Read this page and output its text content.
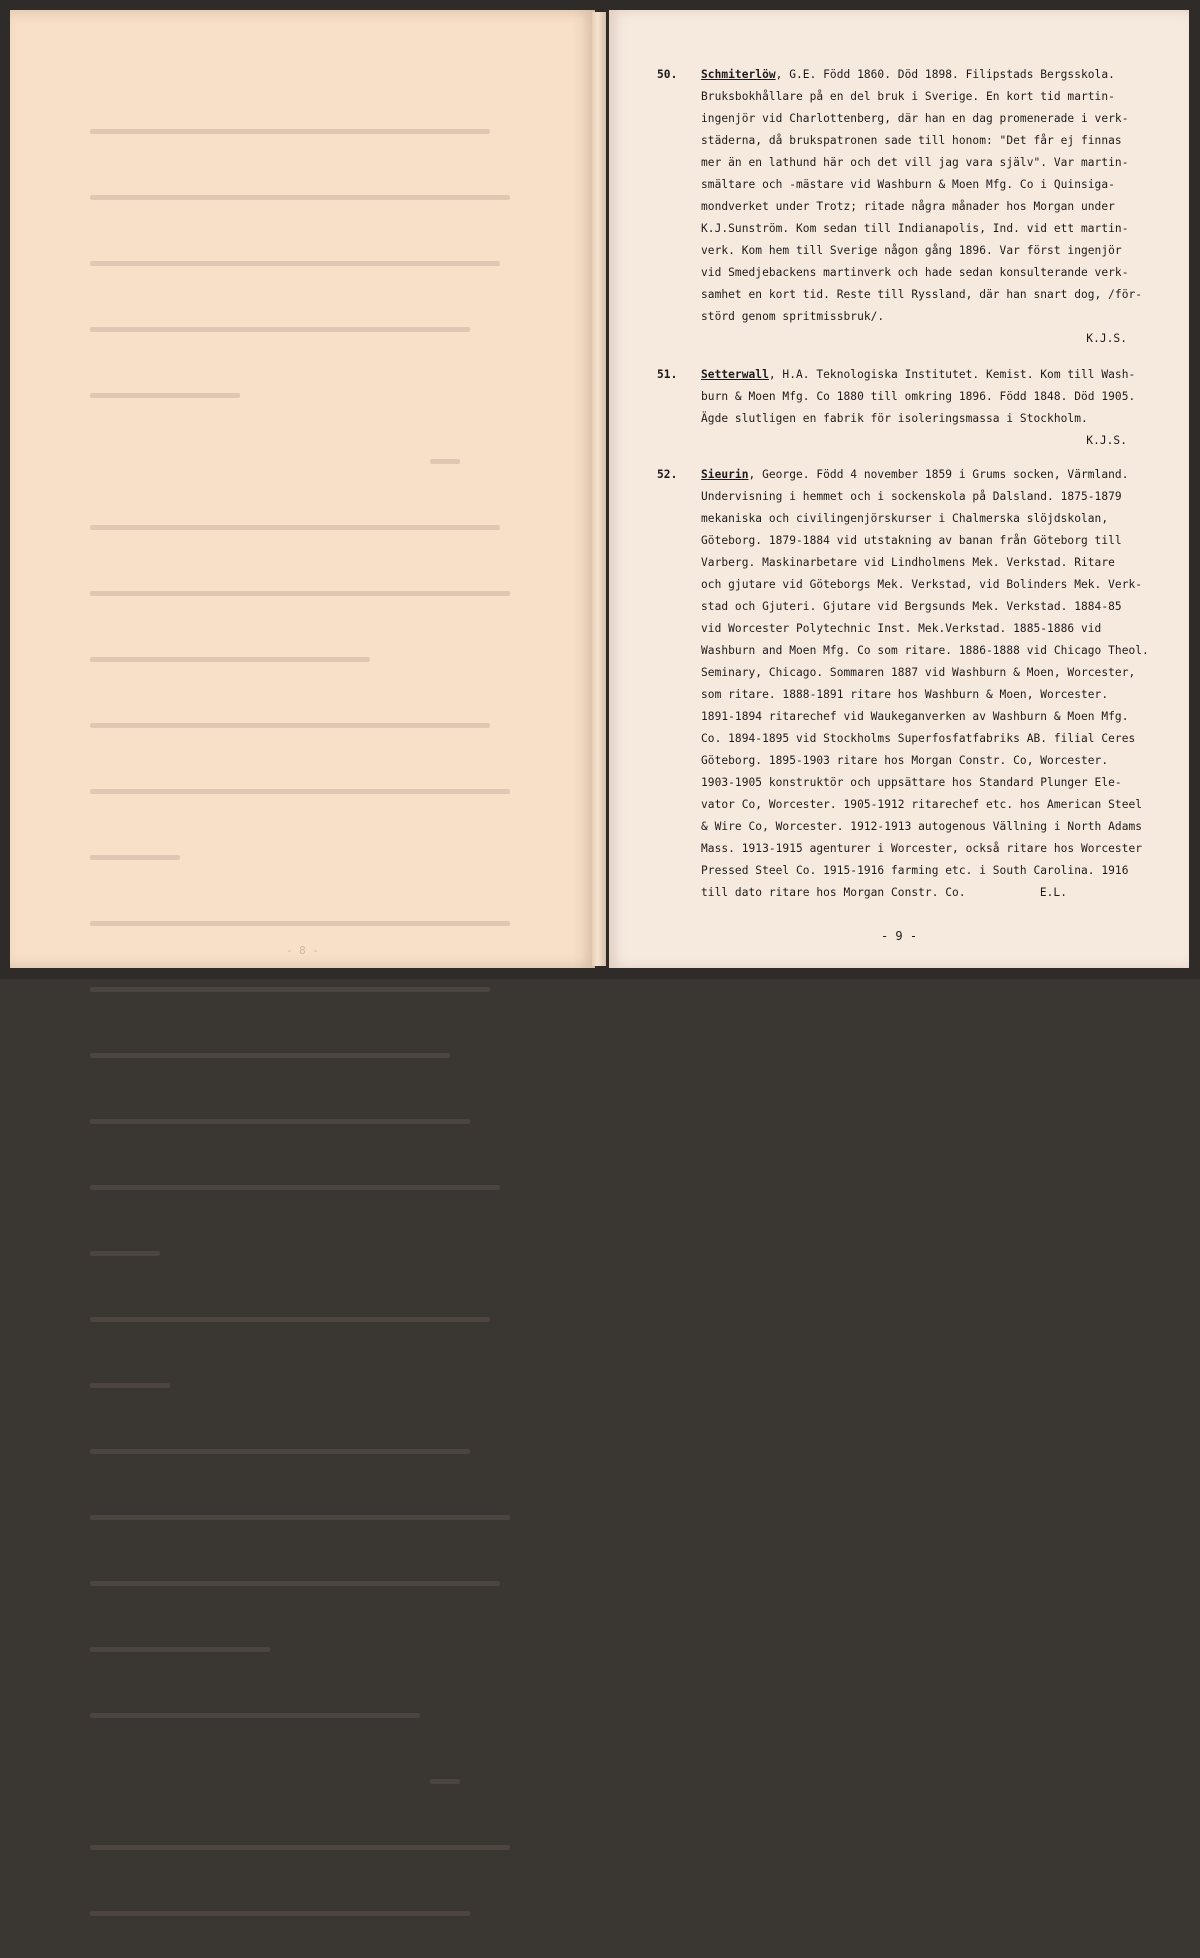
- 8 -
50. Schmiterlöw, G.E. Född 1860. Död 1898. Filipstads Bergsskola.
Bruksbokhållare på en del bruk i Sverige. En kort tid martin-
ingenjör vid Charlottenberg, där han en dag promenerade i verk-
städerna, då brukspatronen sade till honom: "Det får ej finnas
mer än en lathund här och det vill jag vara själv". Var martin-
smältare och -mästare vid Washburn & Moen Mfg. Co i Quinsiga-
mondverket under Trotz; ritade några månader hos Morgan under
K.J.Sunström. Kom sedan till Indianapolis, Ind. vid ett martin-
verk. Kom hem till Sverige någon gång 1896. Var först ingenjör
vid Smedjebackens martinverk och hade sedan konsulterande verk-
samhet en kort tid. Reste till Ryssland, där han snart dog, /för-
störd genom spritmissbruk/.
K.J.S.
51. Setterwall, H.A. Teknologiska Institutet. Kemist. Kom till Wash-
burn & Moen Mfg. Co 1880 till omkring 1896. Född 1848. Död 1905.
Ägde slutligen en fabrik för isoleringsmassa i Stockholm.
K.J.S.
52. Sieurin, George. Född 4 november 1859 i Grums socken, Värmland.
Undervisning i hemmet och i sockenskola på Dalsland. 1875-1879
mekaniska och civilingenjörskurser i Chalmerska slöjdskolan,
Göteborg. 1879-1884 vid utstakning av banan från Göteborg till
Varberg. Maskinarbetare vid Lindholmens Mek. Verkstad. Ritare
och gjutare vid Göteborgs Mek. Verkstad, vid Bolinders Mek. Verk-
stad och Gjuteri. Gjutare vid Bergsunds Mek. Verkstad. 1884-85
vid Worcester Polytechnic Inst. Mek.Verkstad. 1885-1886 vid
Washburn and Moen Mfg. Co som ritare. 1886-1888 vid Chicago Theol.
Seminary, Chicago. Sommaren 1887 vid Washburn & Moen, Worcester,
som ritare. 1888-1891 ritare hos Washburn & Moen, Worcester.
1891-1894 ritarechef vid Waukeganverken av Washburn & Moen Mfg.
Co. 1894-1895 vid Stockholms Superfosfatfabriks AB. filial Ceres
Göteborg. 1895-1903 ritare hos Morgan Constr. Co, Worcester.
1903-1905 konstruktör och uppsättare hos Standard Plunger Ele-
vator Co, Worcester. 1905-1912 ritarechef etc. hos American Steel
& Wire Co, Worcester. 1912-1913 autogenous Vällning i North Adams
Mass. 1913-1915 agenturer i Worcester, också ritare hos Worcester
Pressed Steel Co. 1915-1916 farming etc. i South Carolina. 1916
till dato ritare hos Morgan Constr. Co.	E.L.
- 9 -
